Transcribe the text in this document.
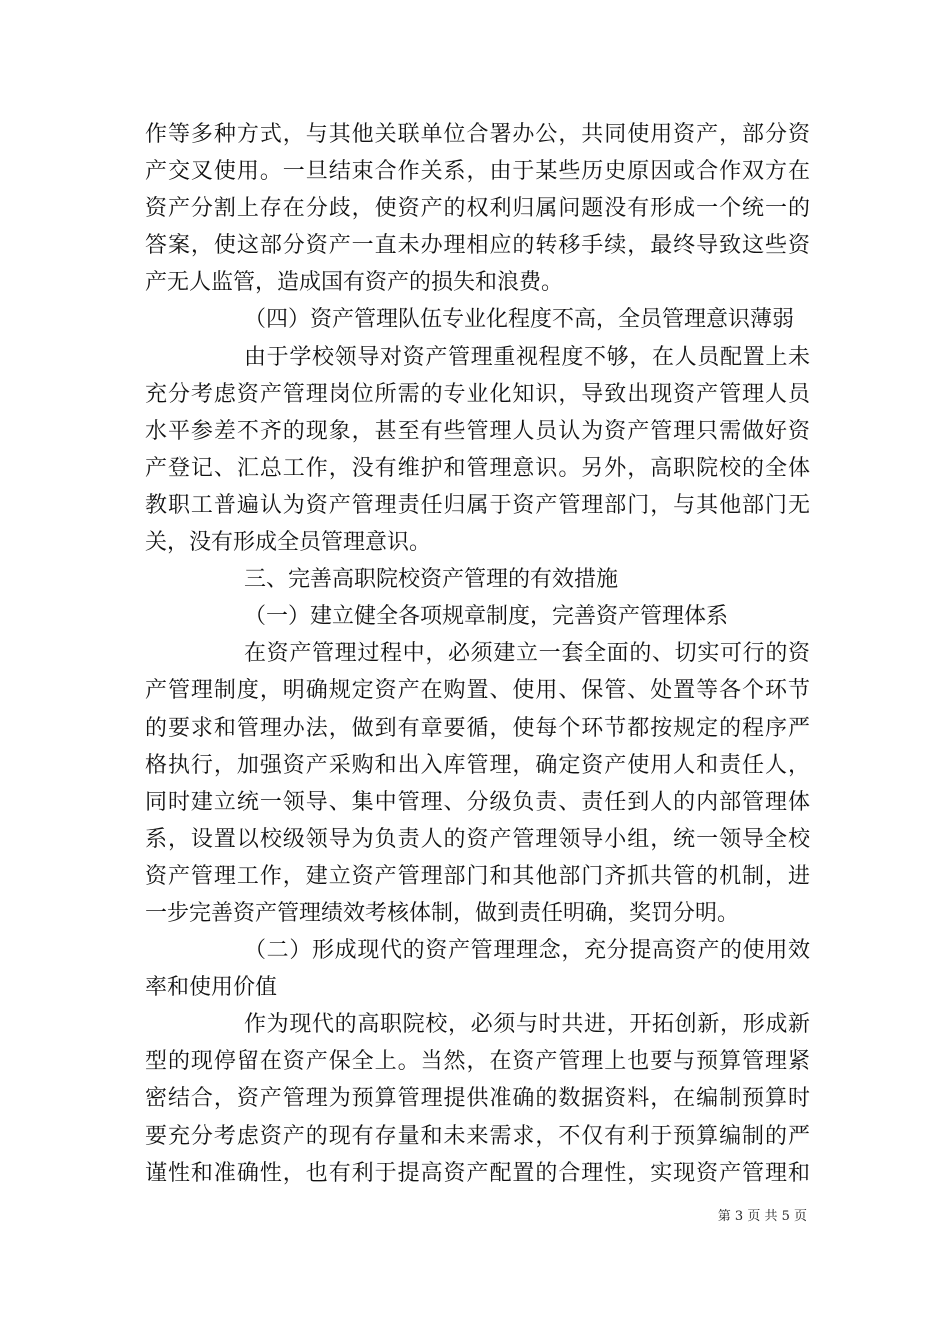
作等多种方式，与其他关联单位合署办公，共同使用资产，部分资
产交叉使用。一旦结束合作关系，由于某些历史原因或合作双方在
资产分割上存在分歧，使资产的权利归属问题没有形成一个统一的
答案，使这部分资产一直未办理相应的转移手续，最终导致这些资
产无人监管，造成国有资产的损失和浪费。
（四）资产管理队伍专业化程度不高，全员管理意识薄弱
由于学校领导对资产管理重视程度不够，在人员配置上未
充分考虑资产管理岗位所需的专业化知识，导致出现资产管理人员
水平参差不齐的现象，甚至有些管理人员认为资产管理只需做好资
产登记、汇总工作，没有维护和管理意识。另外，高职院校的全体
教职工普遍认为资产管理责任归属于资产管理部门，与其他部门无
关，没有形成全员管理意识。
三、完善高职院校资产管理的有效措施
（一）建立健全各项规章制度，完善资产管理体系
在资产管理过程中，必须建立一套全面的、切实可行的资
产管理制度，明确规定资产在购置、使用、保管、处置等各个环节
的要求和管理办法，做到有章要循，使每个环节都按规定的程序严
格执行，加强资产采购和出入库管理，确定资产使用人和责任人，
同时建立统一领导、集中管理、分级负责、责任到人的内部管理体
系，设置以校级领导为负责人的资产管理领导小组，统一领导全校
资产管理工作，建立资产管理部门和其他部门齐抓共管的机制，进
一步完善资产管理绩效考核体制，做到责任明确，奖罚分明。
（二）形成现代的资产管理理念，充分提高资产的使用效
率和使用价值
作为现代的高职院校，必须与时共进，开拓创新，形成新
型的现停留在资产保全上。当然，在资产管理上也要与预算管理紧
密结合，资产管理为预算管理提供准确的数据资料，在编制预算时
要充分考虑资产的现有存量和未来需求，不仅有利于预算编制的严
谨性和准确性，也有利于提高资产配置的合理性，实现资产管理和
第 3 页 共 5 页
